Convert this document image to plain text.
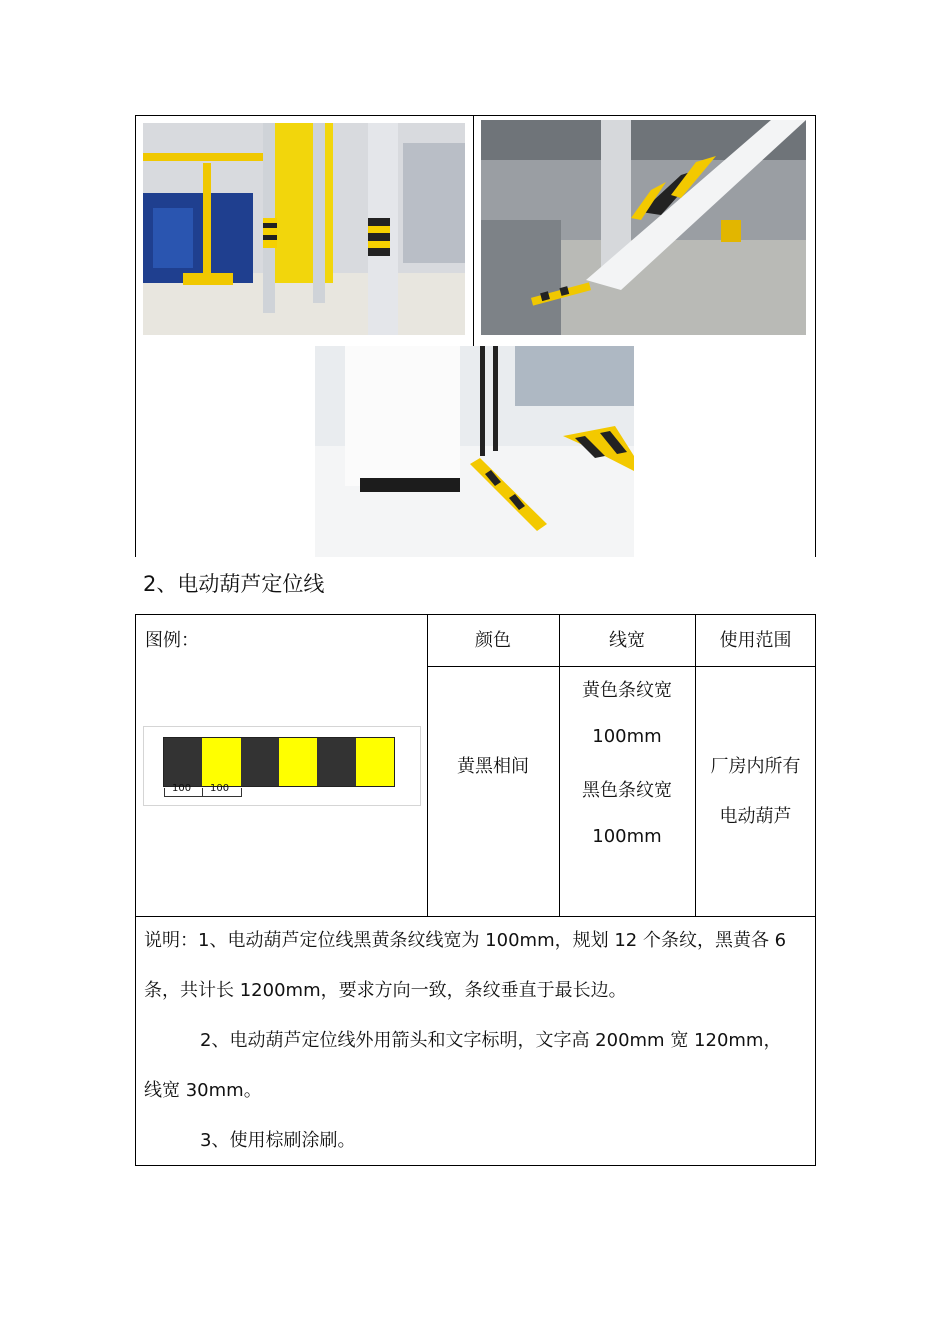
2、电动葫芦定位线
图例：
100 100
颜色	线宽	使用范围
黄黑相间
黄色条纹宽
100mm
黑色条纹宽
100mm
厂房内所有
电动葫芦
说明：1、电动葫芦定位线黑黄条纹线宽为 100mm，规划 12 个条纹，黑黄各 6
条，共计长 1200mm，要求方向一致，条纹垂直于最长边。
2、电动葫芦定位线外用箭头和文字标明，文字高 200mm 宽 120mm，
线宽 30mm。
3、使用棕刷涂刷。
